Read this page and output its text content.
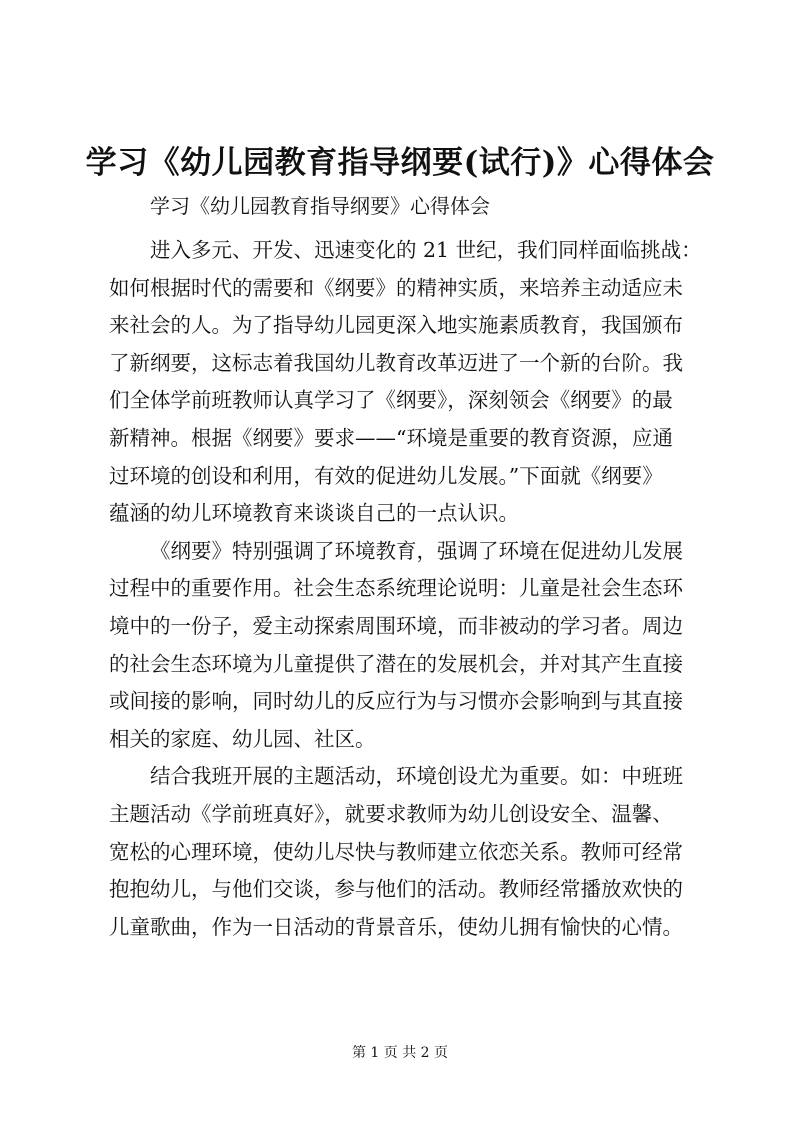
学习《幼儿园教育指导纲要(试行)》心得体会
学习《幼儿园教育指导纲要》心得体会

进入多元、开发、迅速变化的 21 世纪，我们同样面临挑战：
如何根据时代的需要和《纲要》的精神实质，来培养主动适应未
来社会的人。为了指导幼儿园更深入地实施素质教育，我国颁布
了新纲要，这标志着我国幼儿教育改革迈进了一个新的台阶。我
们全体学前班教师认真学习了《纲要》，深刻领会《纲要》的最
新精神。根据《纲要》要求——“环境是重要的教育资源，应通
过环境的创设和利用，有效的促进幼儿发展。”下面就《纲要》
蕴涵的幼儿环境教育来谈谈自己的一点认识。

《纲要》特别强调了环境教育，强调了环境在促进幼儿发展
过程中的重要作用。社会生态系统理论说明：儿童是社会生态环
境中的一份子，爱主动探索周围环境，而非被动的学习者。周边
的社会生态环境为儿童提供了潜在的发展机会，并对其产生直接
或间接的影响，同时幼儿的反应行为与习惯亦会影响到与其直接
相关的家庭、幼儿园、社区。

结合我班开展的主题活动，环境创设尤为重要。如：中班班
主题活动《学前班真好》，就要求教师为幼儿创设安全、温馨、
宽松的心理环境，使幼儿尽快与教师建立依恋关系。教师可经常
抱抱幼儿，与他们交谈，参与他们的活动。教师经常播放欢快的
儿童歌曲，作为一日活动的背景音乐，使幼儿拥有愉快的心情。

第 1 页 共 2 页
